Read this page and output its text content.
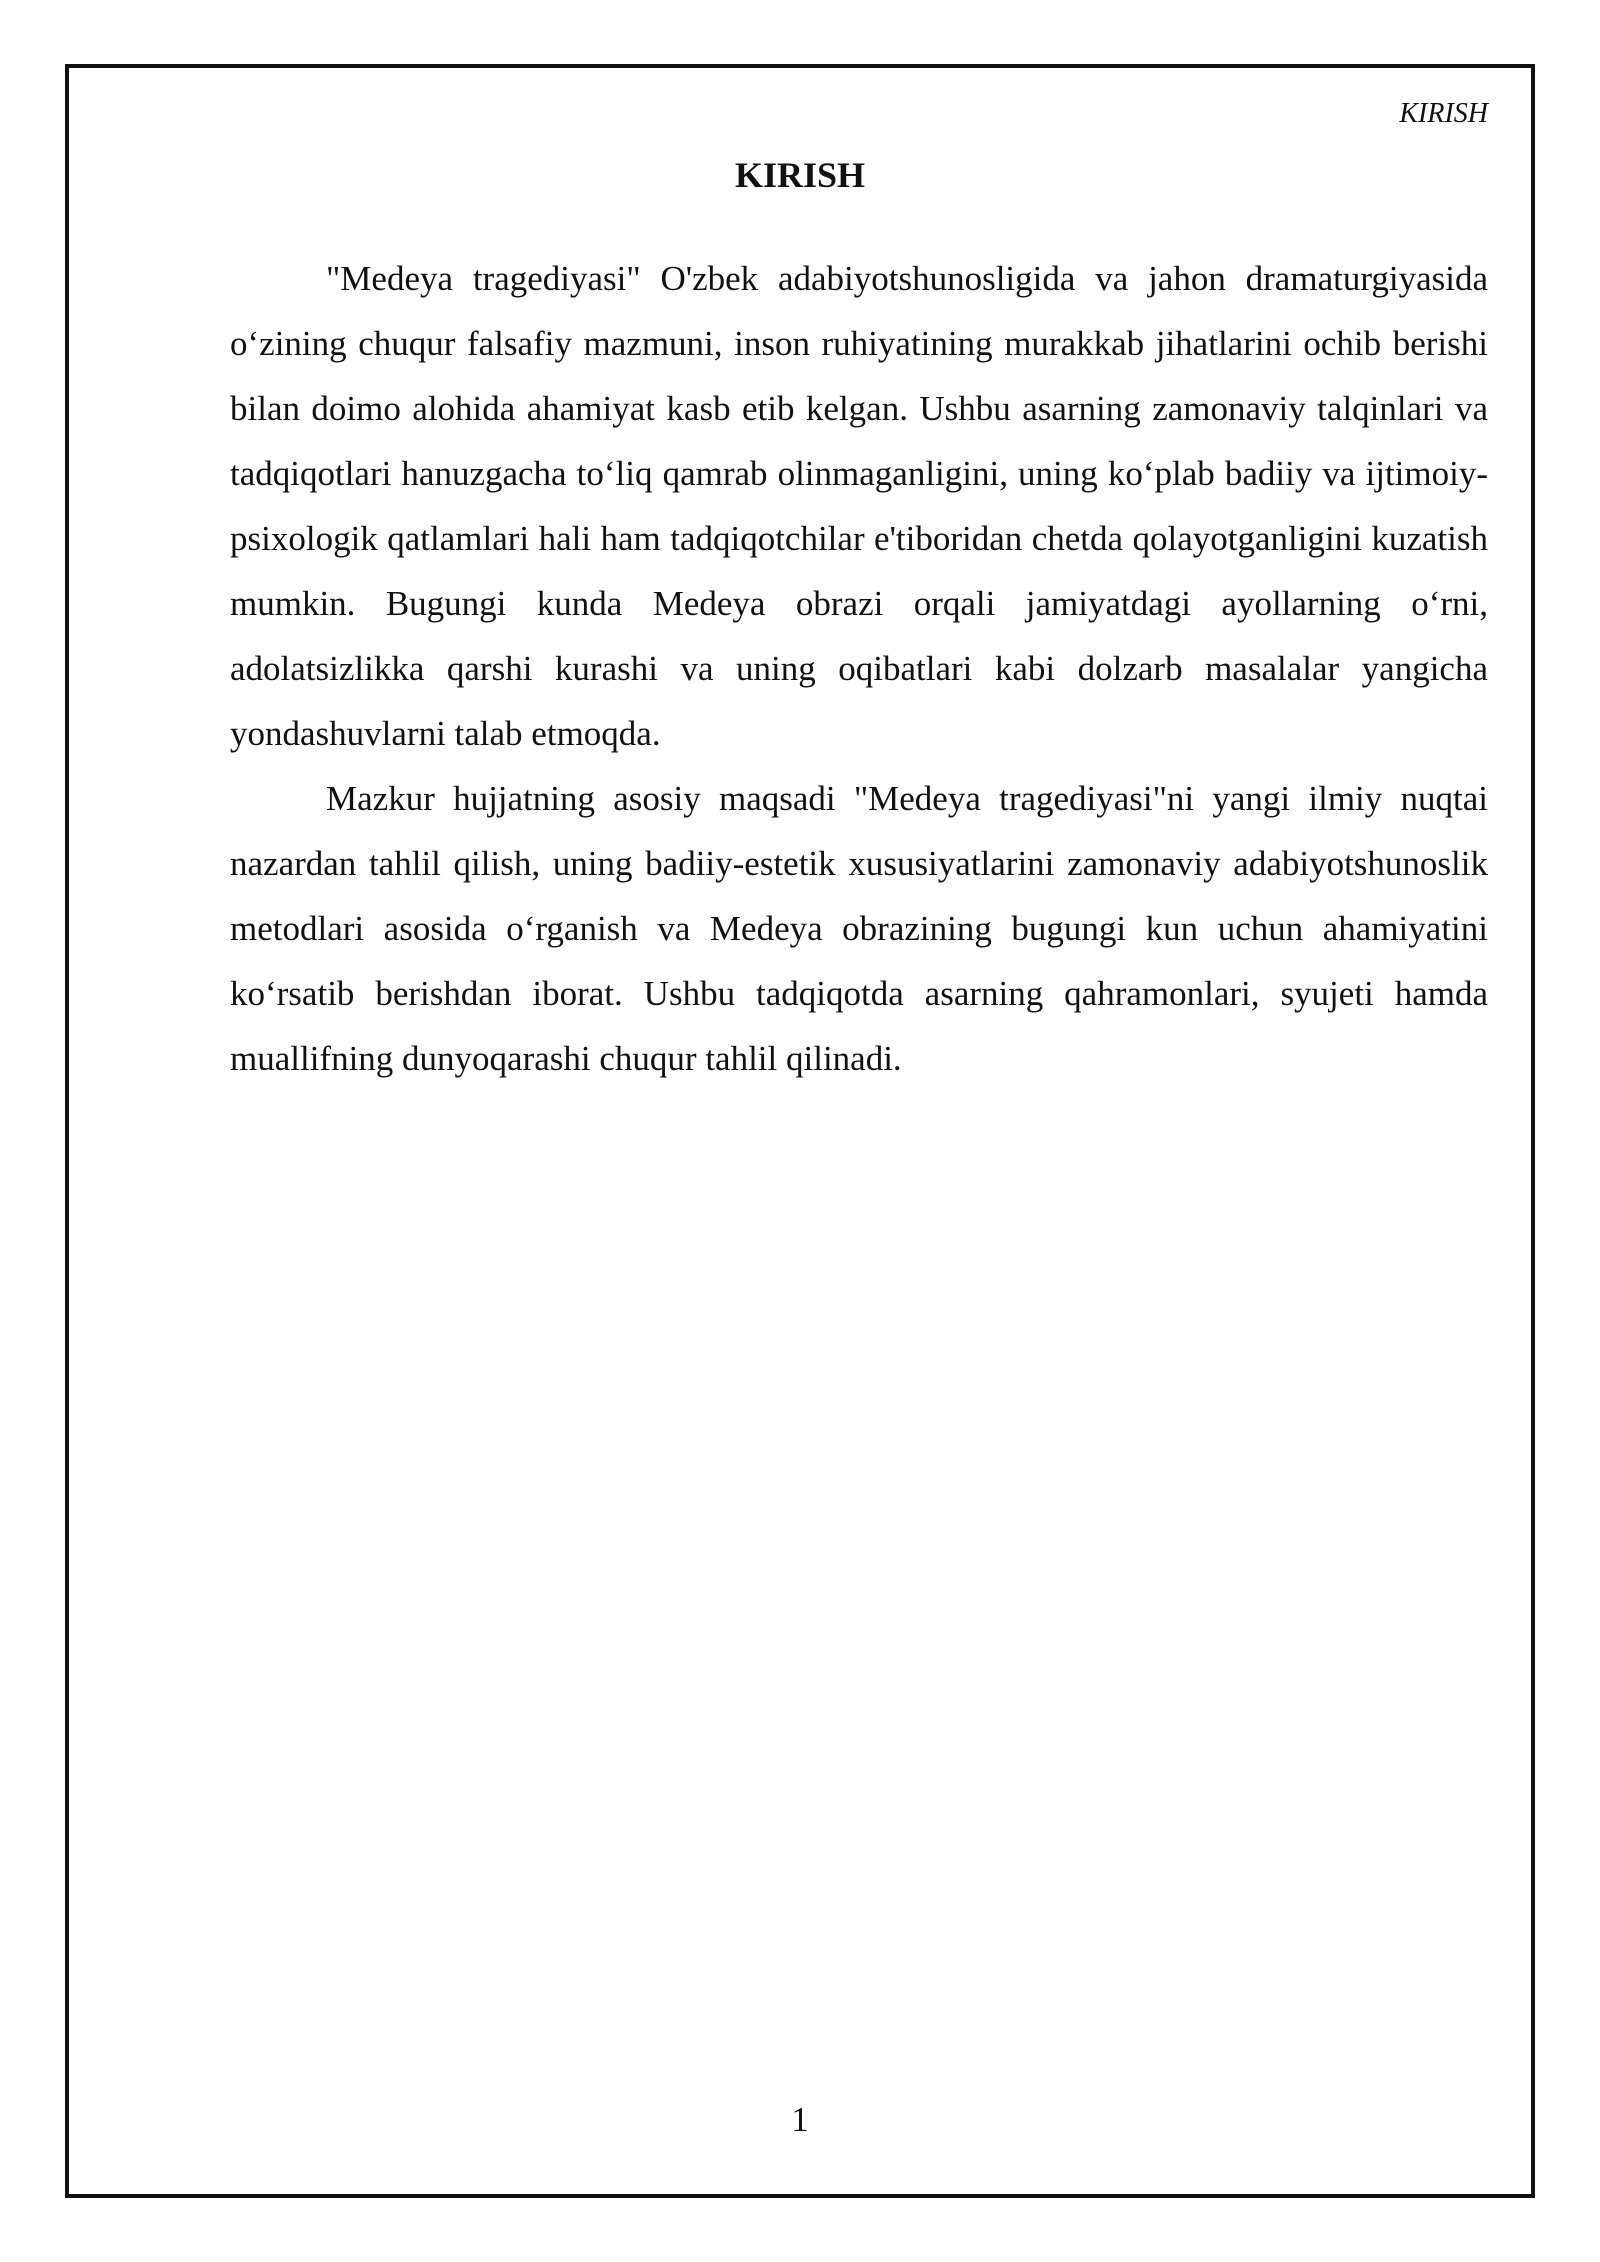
KIRISH
KIRISH

"Medeya tragediyasi" O'zbek adabiyotshunosligida va jahon dramaturgiyasida o‘zining chuqur falsafiy mazmuni, inson ruhiyatining murakkab jihatlarini ochib berishi bilan doimo alohida ahamiyat kasb etib kelgan. Ushbu asarning zamonaviy talqinlari va tadqiqotlari hanuzgacha to‘liq qamrab olinmaganligini, uning ko‘plab badiiy va ijtimoiy-psixologik qatlamlari hali ham tadqiqotchilar e'tiboridan chetda qolayotganligini kuzatish mumkin. Bugungi kunda Medeya obrazi orqali jamiyatdagi ayollarning o‘rni, adolatsizlikka qarshi kurashi va uning oqibatlari kabi dolzarb masalalar yangicha yondashuvlarni talab etmoqda.

Mazkur hujjatning asosiy maqsadi "Medeya tragediyasi"ni yangi ilmiy nuqtai nazardan tahlil qilish, uning badiiy-estetik xususiyatlarini zamonaviy adabiyotshunoslik metodlari asosida o‘rganish va Medeya obrazining bugungi kun uchun ahamiyatini ko‘rsatib berishdan iborat. Ushbu tadqiqotda asarning qahramonlari, syujeti hamda muallifning dunyoqarashi chuqur tahlil qilinadi.

1
